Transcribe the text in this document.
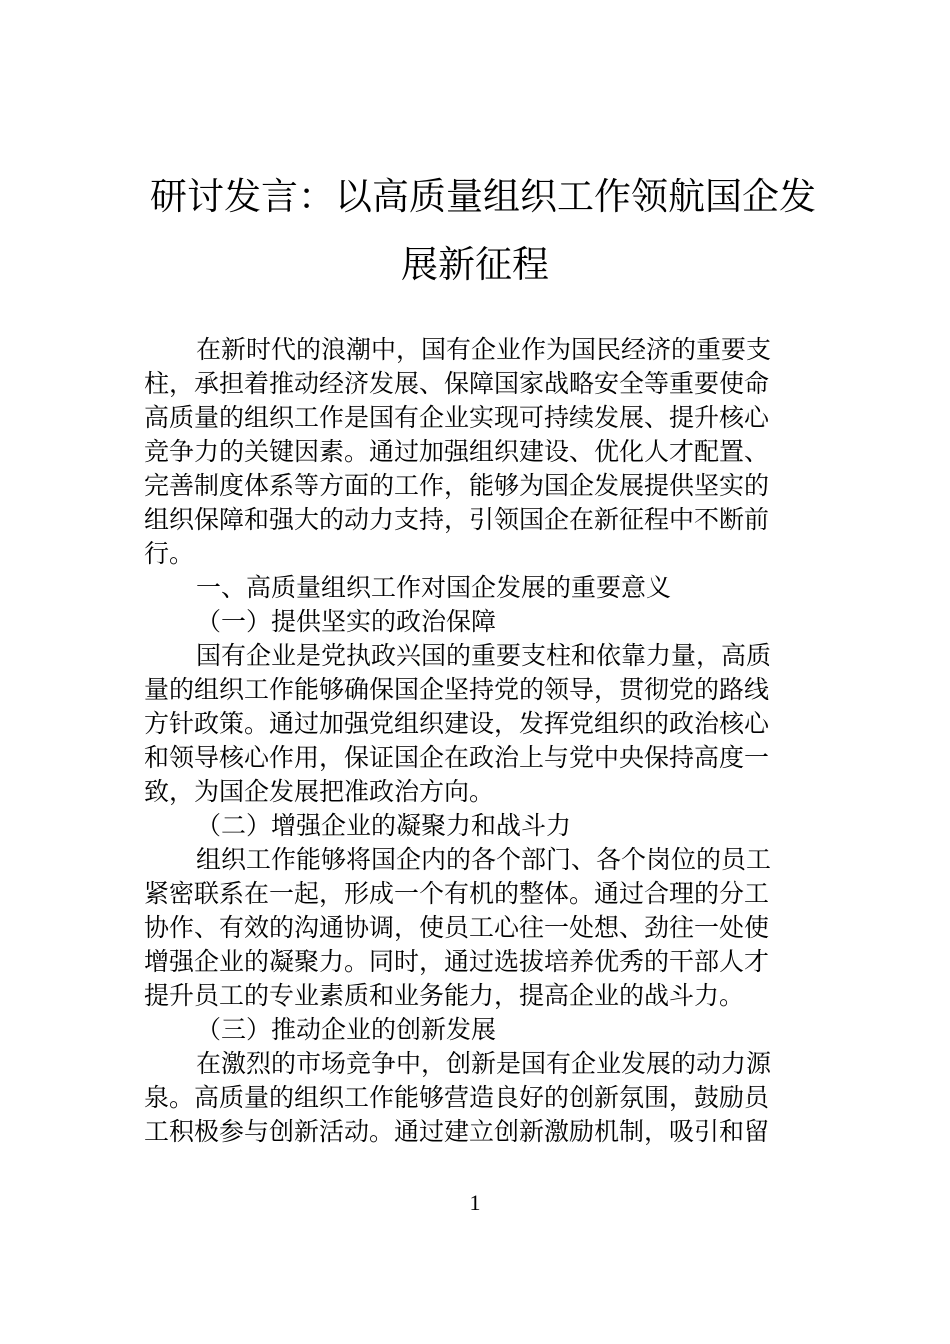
研讨发言：以高质量组织工作领航国企发
展新征程
在新时代的浪潮中，国有企业作为国民经济的重要支
柱，承担着推动经济发展、保障国家战略安全等重要使命
高质量的组织工作是国有企业实现可持续发展、提升核心
竞争力的关键因素。通过加强组织建设、优化人才配置、
完善制度体系等方面的工作，能够为国企发展提供坚实的
组织保障和强大的动力支持，引领国企在新征程中不断前
行。
一、高质量组织工作对国企发展的重要意义
（一）提供坚实的政治保障
国有企业是党执政兴国的重要支柱和依靠力量，高质
量的组织工作能够确保国企坚持党的领导，贯彻党的路线
方针政策。通过加强党组织建设，发挥党组织的政治核心
和领导核心作用，保证国企在政治上与党中央保持高度一
致，为国企发展把准政治方向。
（二）增强企业的凝聚力和战斗力
组织工作能够将国企内的各个部门、各个岗位的员工
紧密联系在一起，形成一个有机的整体。通过合理的分工
协作、有效的沟通协调，使员工心往一处想、劲往一处使
增强企业的凝聚力。同时，通过选拔培养优秀的干部人才
提升员工的专业素质和业务能力，提高企业的战斗力。
（三）推动企业的创新发展
在激烈的市场竞争中，创新是国有企业发展的动力源
泉。高质量的组织工作能够营造良好的创新氛围，鼓励员
工积极参与创新活动。通过建立创新激励机制，吸引和留
1
